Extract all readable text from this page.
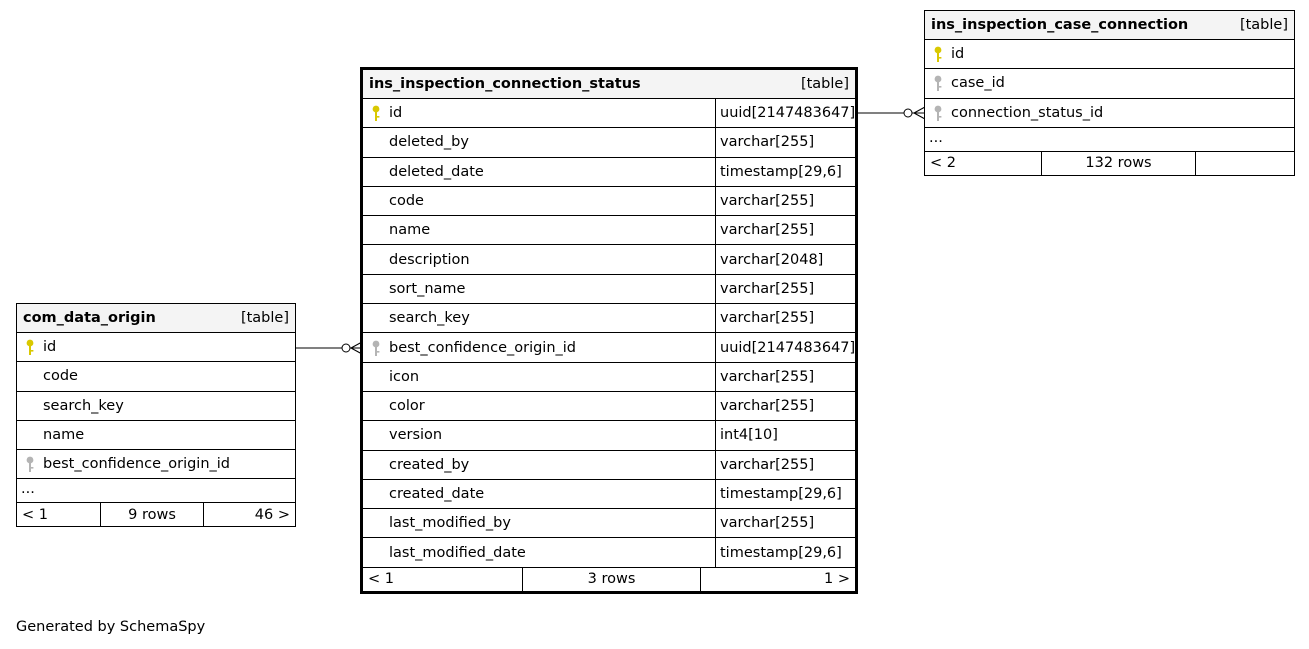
ins_inspection_connection_status	[table]
id	uuid[2147483647]
deleted_by	varchar[255]
deleted_date	timestamp[29,6]
code	varchar[255]
name	varchar[255]
description	varchar[2048]
sort_name	varchar[255]
search_key	varchar[255]
best_confidence_origin_id	uuid[2147483647]
icon	varchar[255]
color	varchar[255]
version	int4[10]
created_by	varchar[255]
created_date	timestamp[29,6]
last_modified_by	varchar[255]
last_modified_date	timestamp[29,6]
< 1	3 rows	1 >
ins_inspection_case_connection	[table]
id
case_id
connection_status_id
...
< 2	132 rows
com_data_origin	[table]
id
code
search_key
name
best_confidence_origin_id
...
< 1	9 rows	46 >
Generated by SchemaSpy
